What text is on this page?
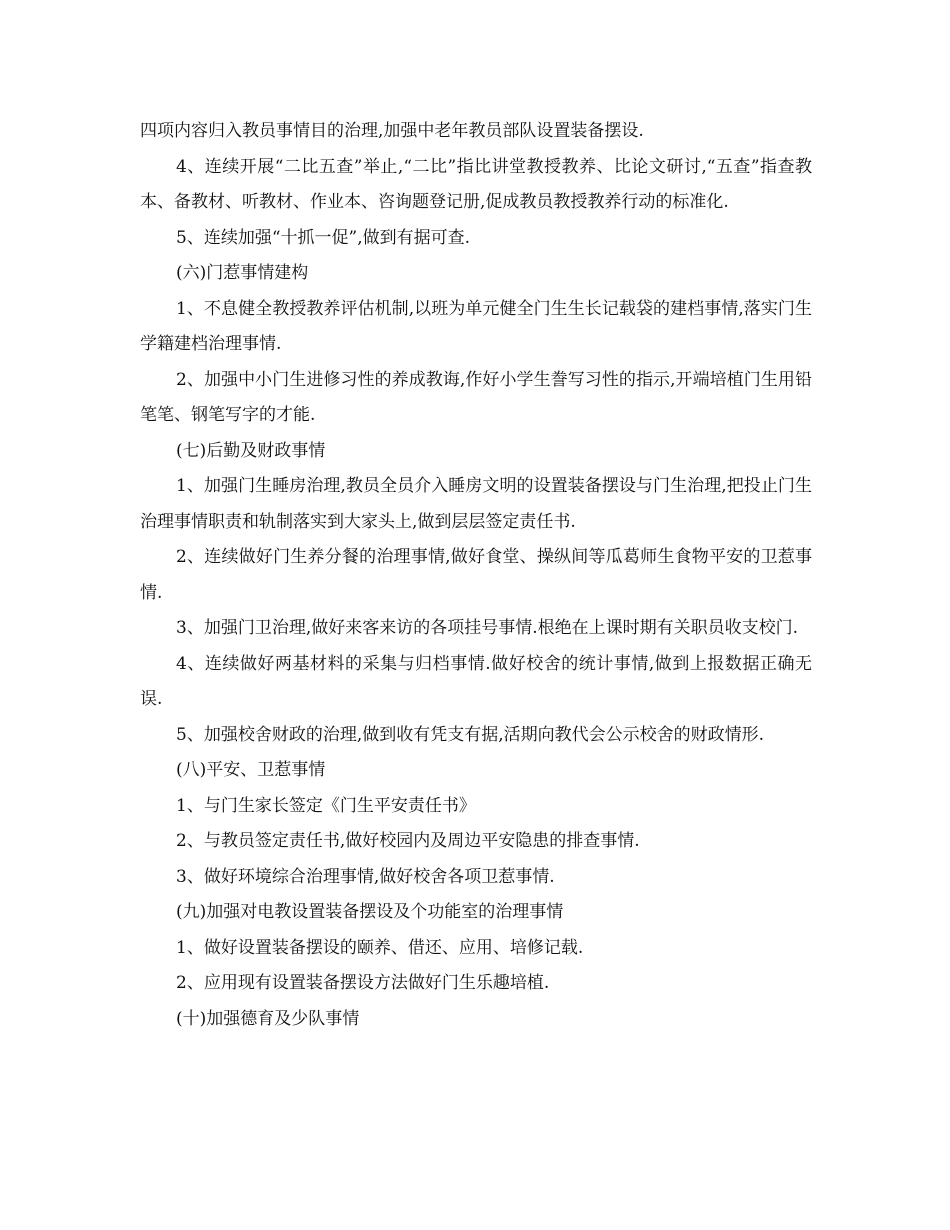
四项内容归入教员事情目的治理,加强中老年教员部队设置装备摆设.

4、连续开展“二比五查”举止,“二比”指比讲堂教授教养、比论文研讨,“五查”指查教本、备教材、听教材、作业本、咨询题登记册,促成教员教授教养行动的标准化.

5、连续加强“十抓一促”,做到有据可查.

(六)门惹事情建构

1、不息健全教授教养评估机制,以班为单元健全门生生长记载袋的建档事情,落实门生学籍建档治理事情.

2、加强中小门生进修习性的养成教诲,作好小学生誊写习性的指示,开端培植门生用铅笔笔、钢笔写字的才能.

(七)后勤及财政事情

1、加强门生睡房治理,教员全员介入睡房文明的设置装备摆设与门生治理,把投止门生治理事情职责和轨制落实到大家头上,做到层层签定责任书.

2、连续做好门生养分餐的治理事情,做好食堂、操纵间等瓜葛师生食物平安的卫惹事情.

3、加强门卫治理,做好来客来访的各项挂号事情.根绝在上课时期有关职员收支校门.

4、连续做好两基材料的采集与归档事情.做好校舍的统计事情,做到上报数据正确无误.

5、加强校舍财政的治理,做到收有凭支有据,活期向教代会公示校舍的财政情形.

(八)平安、卫惹事情

1、与门生家长签定《门生平安责任书》

2、与教员签定责任书,做好校园内及周边平安隐患的排查事情.

3、做好环境综合治理事情,做好校舍各项卫惹事情.

(九)加强对电教设置装备摆设及个功能室的治理事情

1、做好设置装备摆设的颐养、借还、应用、培修记载.

2、应用现有设置装备摆设方法做好门生乐趣培植.

(十)加强德育及少队事情
